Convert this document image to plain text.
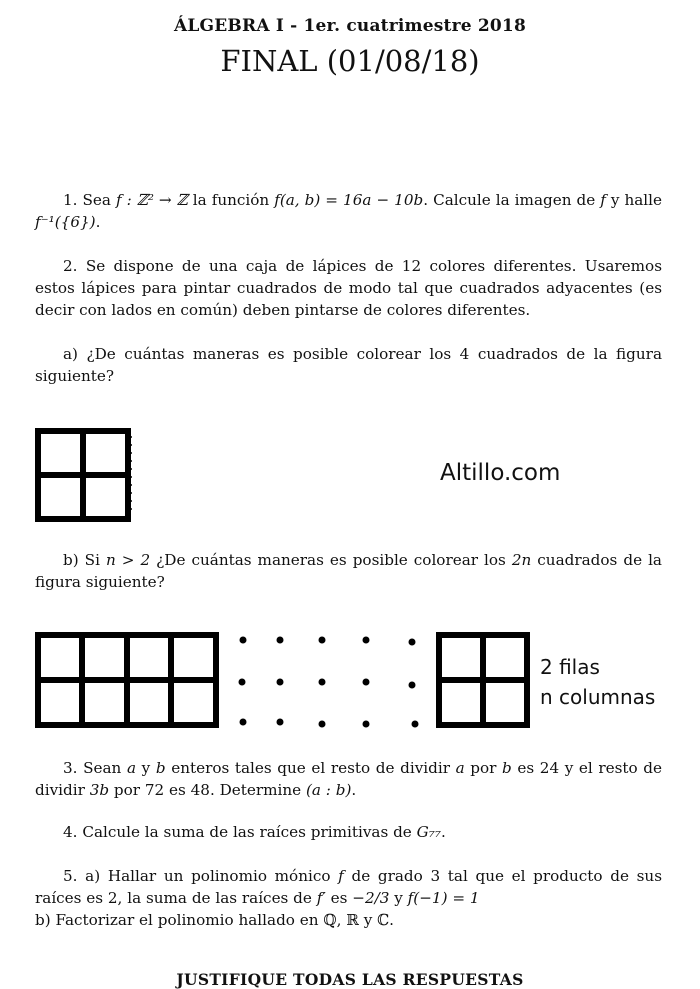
ÁLGEBRA I - 1er. cuatrimestre 2018
FINAL (01/08/18)
1. Sea f : ℤ² → ℤ la función f(a, b) = 16a − 10b. Calcule la imagen de f y halle f⁻¹({6}).
2. Se dispone de una caja de lápices de 12 colores diferentes. Usaremos estos lápices para pintar cuadrados de modo tal que cuadrados adyacentes (es decir con lados en común) deben pintarse de colores diferentes.
a) ¿De cuántas maneras es posible colorear los 4 cuadrados de la figura siguiente?
Altillo.com
b) Si n > 2 ¿De cuántas maneras es posible colorear los 2n cuadrados de la figura siguiente?
2 filas
n columnas
3. Sean a y b enteros tales que el resto de dividir a por b es 24 y el resto de dividir 3b por 72 es 48. Determine (a : b).
4. Calcule la suma de las raíces primitivas de G₇₇.
5. a) Hallar un polinomio mónico f de grado 3 tal que el producto de sus raíces es 2, la suma de las raíces de f′ es −2/3 y f(−1) = 1
b) Factorizar el polinomio hallado en ℚ, ℝ y ℂ.
JUSTIFIQUE TODAS LAS RESPUESTAS
